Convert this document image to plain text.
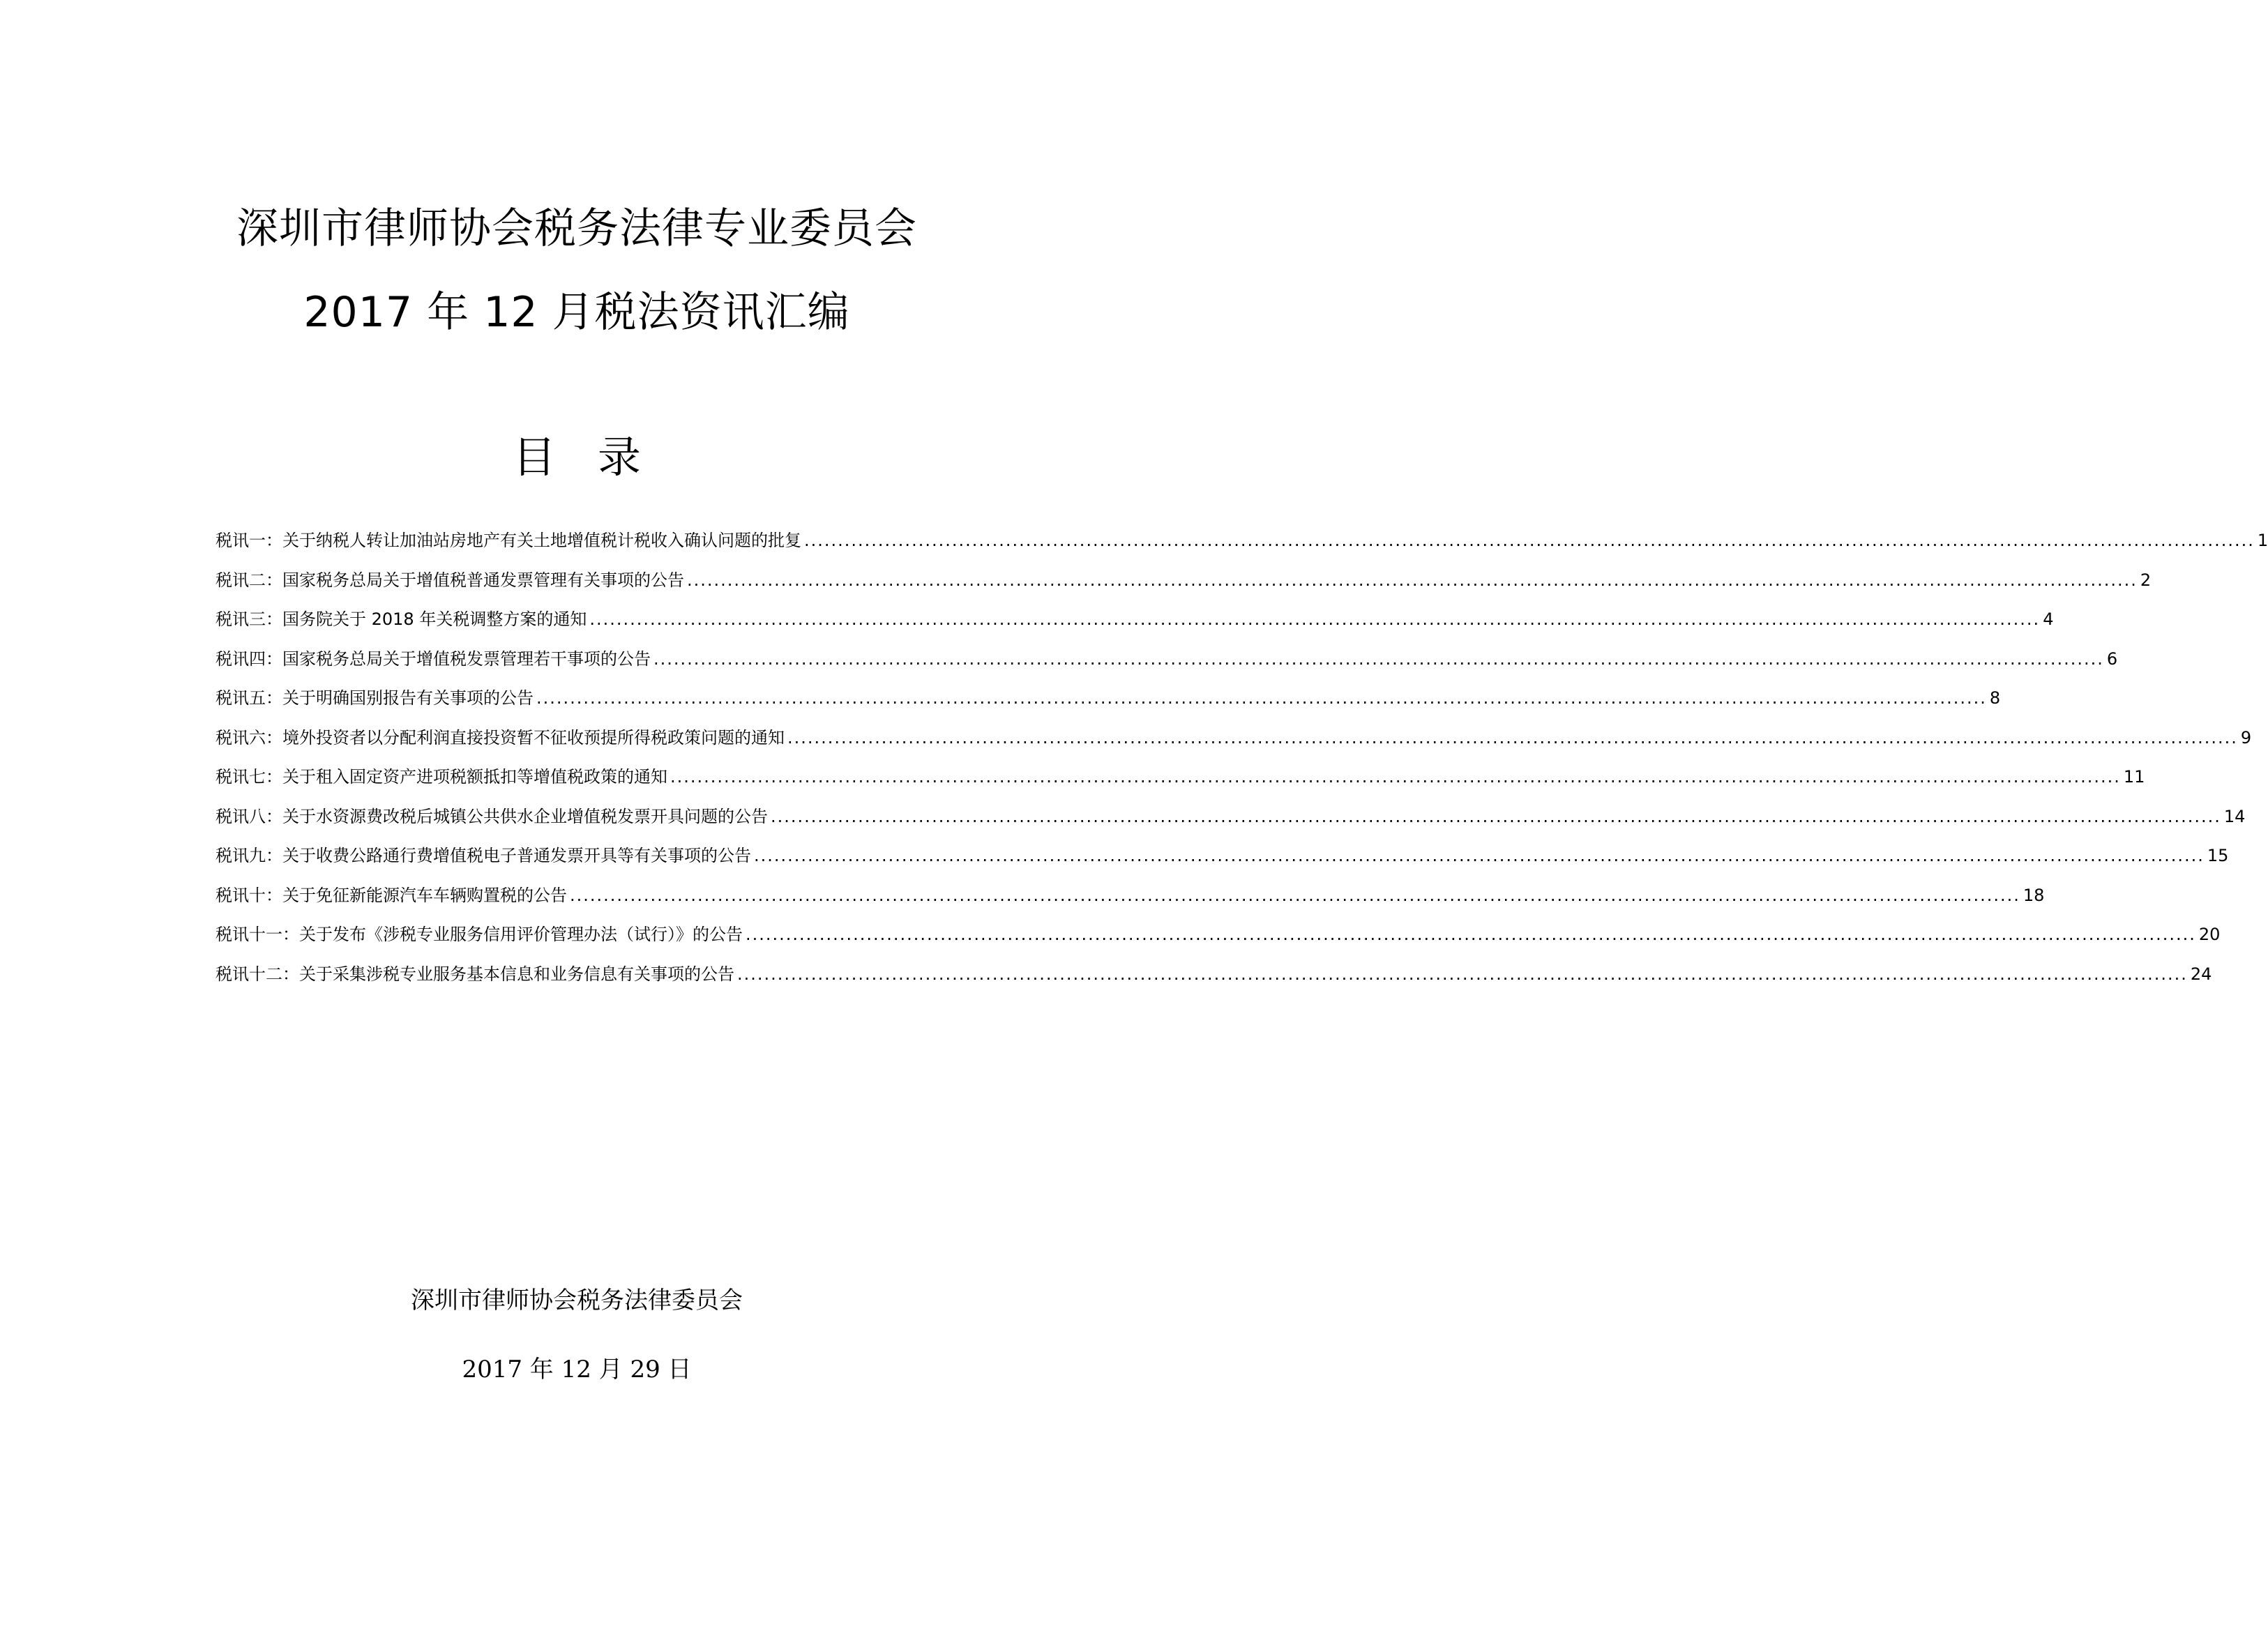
深圳市律师协会税务法律专业委员会
2017 年 12 月税法资讯汇编
目录
税讯一： 关于纳税人转让加油站房地产有关土地增值税计税收入确认问题的批复 .....	1
税讯二： 国家税务总局关于增值税普通发票管理有关事项的公告 .....	2
税讯三： 国务院关于 2018 年关税调整方案的通知 .....	4
税讯四： 国家税务总局关于增值税发票管理若干事项的公告 .....	6
税讯五： 关于明确国别报告有关事项的公告 .....	8
税讯六： 境外投资者以分配利润直接投资暂不征收预提所得税政策问题的通知 .....	9
税讯七： 关于租入固定资产进项税额抵扣等增值税政策的通知 .....	11
税讯八： 关于水资源费改税后城镇公共供水企业增值税发票开具问题的公告 .....	14
税讯九： 关于收费公路通行费增值税电子普通发票开具等有关事项的公告 .....	15
税讯十： 关于免征新能源汽车车辆购置税的公告 .....	18
税讯十一： 关于发布《涉税专业服务信用评价管理办法（试行）》的公告 .....	20
税讯十二： 关于采集涉税专业服务基本信息和业务信息有关事项的公告 .....	24
深圳市律师协会税务法律委员会
2017 年 12 月 29 日
